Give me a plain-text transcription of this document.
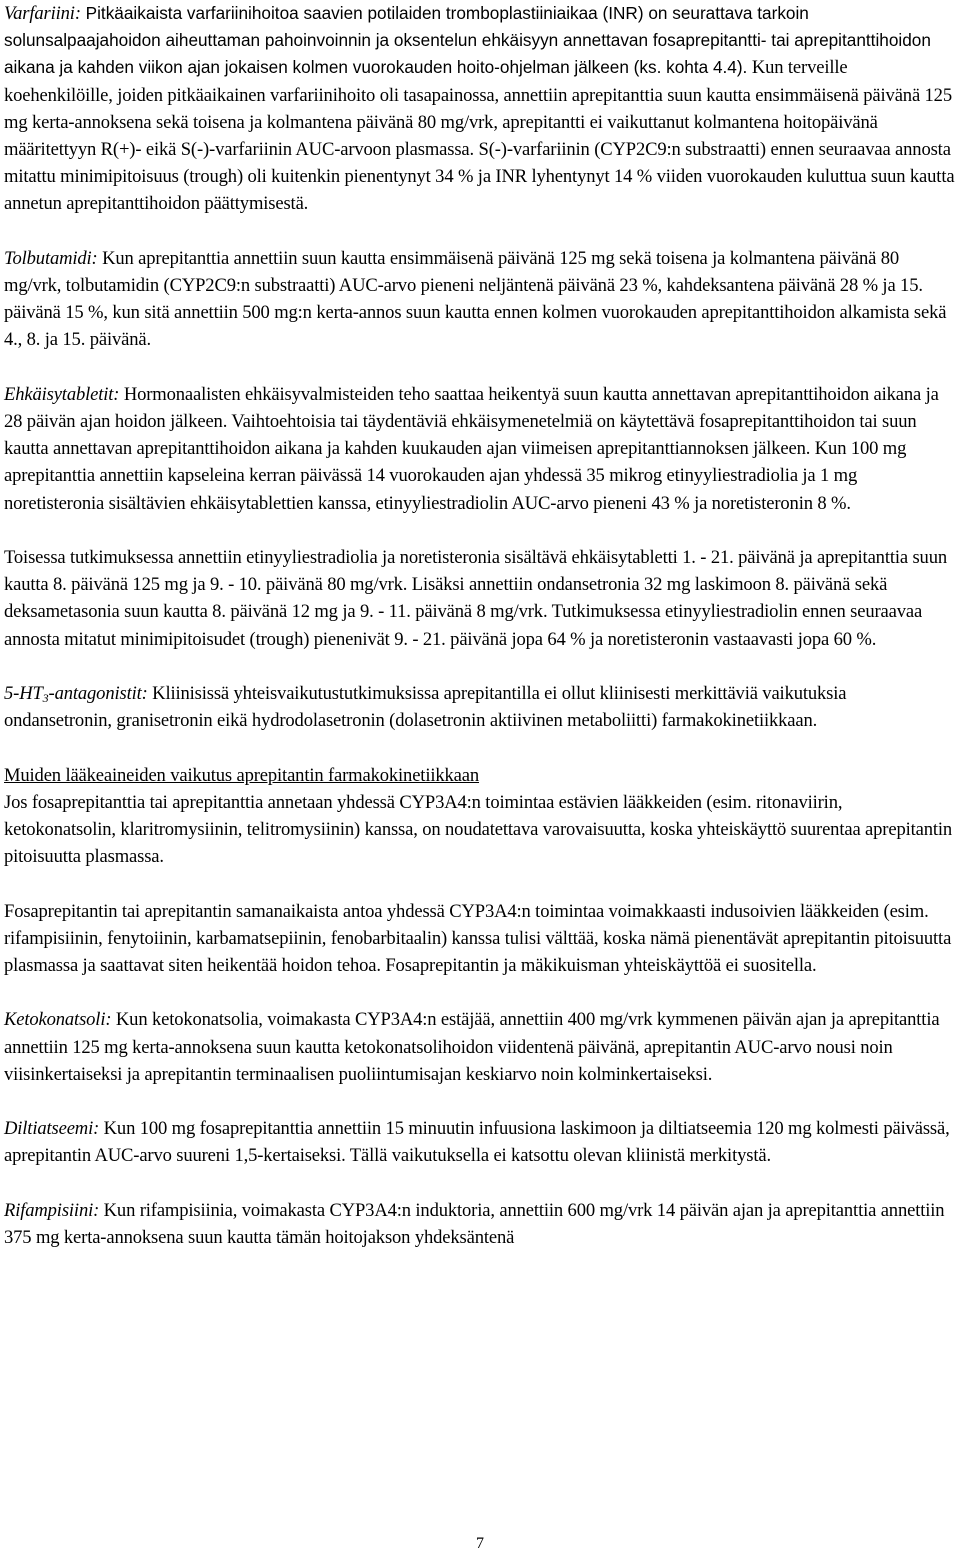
Varfariini: Pitkäaikaista varfariinihoitoa saavien potilaiden tromboplastiiniaikaa (INR) on seurattava tarkoin solunsalpaajahoidon aiheuttaman pahoinvoinnin ja oksentelun ehkäisyyn annettavan fosaprepitantti- tai aprepitanttihoidon aikana ja kahden viikon ajan jokaisen kolmen vuorokauden hoito-ohjelman jälkeen (ks. kohta 4.4). Kun terveille koehenkilöille, joiden pitkäaikainen varfariinihoito oli tasapainossa, annettiin aprepitanttia suun kautta ensimmäisenä päivänä 125 mg kerta-annoksena sekä toisena ja kolmantena päivänä 80 mg/vrk, aprepitantti ei vaikuttanut kolmantena hoitopäivänä määritettyyn R(+)- eikä S(-)-varfariinin AUC-arvoon plasmassa. S(-)-varfariinin (CYP2C9:n substraatti) ennen seuraavaa annosta mitattu minimipitoisuus (trough) oli kuitenkin pienentynyt 34 % ja INR lyhentynyt 14 % viiden vuorokauden kuluttua suun kautta annetun aprepitanttihoidon päättymisestä.

Tolbutamidi: Kun aprepitanttia annettiin suun kautta ensimmäisenä päivänä 125 mg sekä toisena ja kolmantena päivänä 80 mg/vrk, tolbutamidin (CYP2C9:n substraatti) AUC-arvo pieneni neljäntenä päivänä 23 %, kahdeksantena päivänä 28 % ja 15. päivänä 15 %, kun sitä annettiin 500 mg:n kerta-annos suun kautta ennen kolmen vuorokauden aprepitanttihoidon alkamista sekä 4., 8. ja 15. päivänä.

Ehkäisytabletit: Hormonaalisten ehkäisyvalmisteiden teho saattaa heikentyä suun kautta annettavan aprepitanttihoidon aikana ja 28 päivän ajan hoidon jälkeen. Vaihtoehtoisia tai täydentäviä ehkäisymenetelmiä on käytettävä fosaprepitanttihoidon tai suun kautta annettavan aprepitanttihoidon aikana ja kahden kuukauden ajan viimeisen aprepitanttiannoksen jälkeen. Kun 100 mg aprepitanttia annettiin kapseleina kerran päivässä 14 vuorokauden ajan yhdessä 35 mikrog etinyyliestradiolia ja 1 mg noretisteronia sisältävien ehkäisytablettien kanssa, etinyyliestradiolin AUC-arvo pieneni 43 % ja noretisteronin 8 %.

Toisessa tutkimuksessa annettiin etinyyliestradiolia ja noretisteronia sisältävä ehkäisytabletti 1. - 21. päivänä ja aprepitanttia suun kautta 8. päivänä 125 mg ja 9. - 10. päivänä 80 mg/vrk. Lisäksi annettiin ondansetronia 32 mg laskimoon 8. päivänä sekä deksametasonia suun kautta 8. päivänä 12 mg ja 9. - 11. päivänä 8 mg/vrk. Tutkimuksessa etinyyliestradiolin ennen seuraavaa annosta mitatut minimipitoisudet (trough) pienenivät 9. - 21. päivänä jopa 64 % ja noretisteronin vastaavasti jopa 60 %.

$5-HT_3$-antagonistit: Kliinisissä yhteisvaikutustutkimuksissa aprepitantilla ei ollut kliinisesti merkittäviä vaikutuksia ondansetronin, granisetronin eikä hydrodolasetronin (dolasetronin aktiivinen metaboliitti) farmakokinetiikkaan.

Muiden lääkeaineiden vaikutus aprepitantin farmakokinetiikkaan

Jos fosaprepitanttia tai aprepitanttia annetaan yhdessä CYP3A4:n toimintaa estävien lääkkeiden (esim. ritonaviirin, ketokonatsolin, klaritromysiinin, telitromysiinin) kanssa, on noudatettava varovaisuutta, koska yhteiskäyttö suurentaa aprepitantin pitoisuutta plasmassa.

Fosaprepitantin tai aprepitantin samanaikaista antoa yhdessä CYP3A4:n toimintaa voimakkaasti indusoivien lääkkeiden (esim. rifampisiinin, fenytoiinin, karbamatsepiinin, fenobarbitaalin) kanssa tulisi välttää, koska nämä pienentävät aprepitantin pitoisuutta plasmassa ja saattavat siten heikentää hoidon tehoa. Fosaprepitantin ja mäkikuisman yhteiskäyttöä ei suositella.

Ketokonatsoli: Kun ketokonatsolia, voimakasta CYP3A4:n estäjää, annettiin 400 mg/vrk kymmenen päivän ajan ja aprepitanttia annettiin 125 mg kerta-annoksena suun kautta ketokonatsolihoidon viidentenä päivänä, aprepitantin AUC-arvo nousi noin viisinkertaiseksi ja aprepitantin terminaalisen puoliintumisajan keskiarvo noin kolminkertaiseksi.

Diltiatseemi: Kun 100 mg fosaprepitanttia annettiin 15 minuutin infuusiona laskimoon ja diltiatseemia 120 mg kolmesti päivässä, aprepitantin AUC-arvo suureni 1,5-kertaiseksi. Tällä vaikutuksella ei katsottu olevan kliinistä merkitystä.

Rifampisiini: Kun rifampisiinia, voimakasta CYP3A4:n induktoria, annettiin 600 mg/vrk 14 päivän ajan ja aprepitanttia annettiin 375 mg kerta-annoksena suun kautta tämän hoitojakson yhdeksäntenä

7
